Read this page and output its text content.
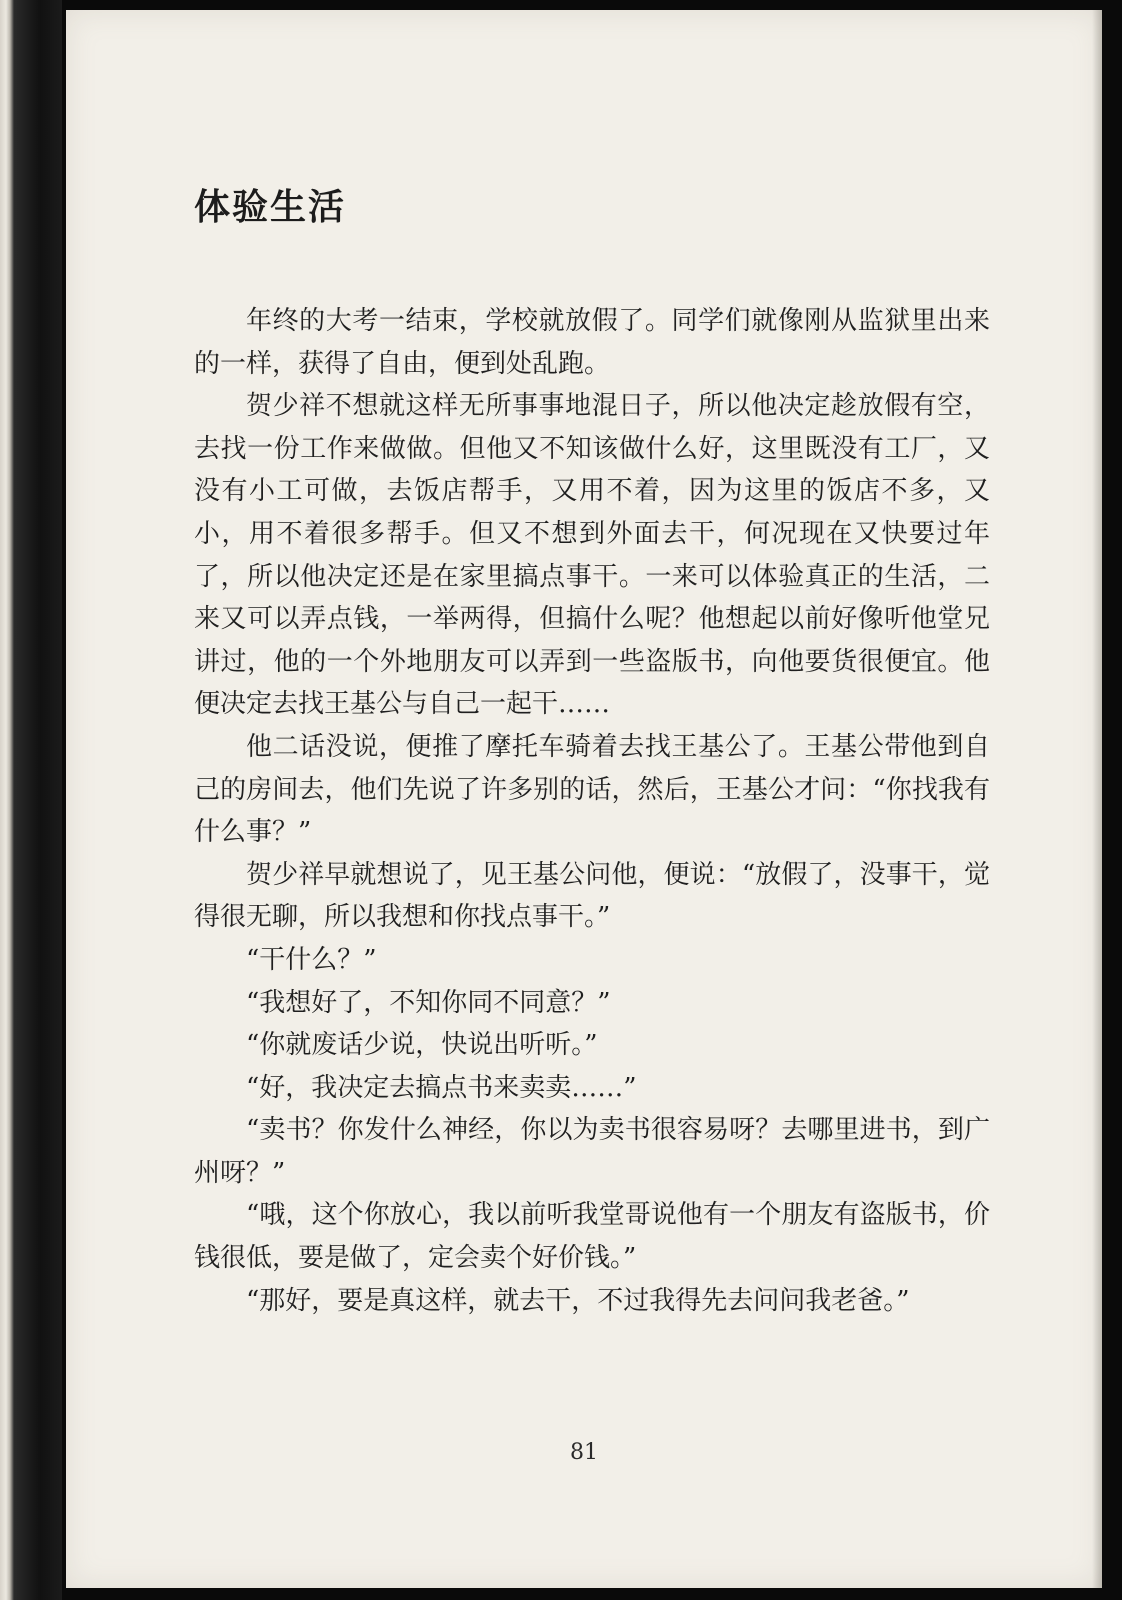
体验生活

年终的大考一结束，学校就放假了。同学们就像刚从监狱里出来的一样，获得了自由，便到处乱跑。

贺少祥不想就这样无所事事地混日子，所以他决定趁放假有空，去找一份工作来做做。但他又不知该做什么好，这里既没有工厂，又没有小工可做，去饭店帮手，又用不着，因为这里的饭店不多，又小，用不着很多帮手。但又不想到外面去干，何况现在又快要过年了，所以他决定还是在家里搞点事干。一来可以体验真正的生活，二来又可以弄点钱，一举两得，但搞什么呢？他想起以前好像听他堂兄讲过，他的一个外地朋友可以弄到一些盗版书，向他要货很便宜。他便决定去找王基公与自己一起干……

他二话没说，便推了摩托车骑着去找王基公了。王基公带他到自己的房间去，他们先说了许多别的话，然后，王基公才问：“你找我有什么事？”

贺少祥早就想说了，见王基公问他，便说：“放假了，没事干，觉得很无聊，所以我想和你找点事干。”

“干什么？”

“我想好了，不知你同不同意？”

“你就废话少说，快说出听听。”

“好，我决定去搞点书来卖卖……”

“卖书？你发什么神经，你以为卖书很容易呀？去哪里进书，到广州呀？”

“哦，这个你放心，我以前听我堂哥说他有一个朋友有盗版书，价钱很低，要是做了，定会卖个好价钱。”

“那好，要是真这样，就去干，不过我得先去问问我老爸。”

81
